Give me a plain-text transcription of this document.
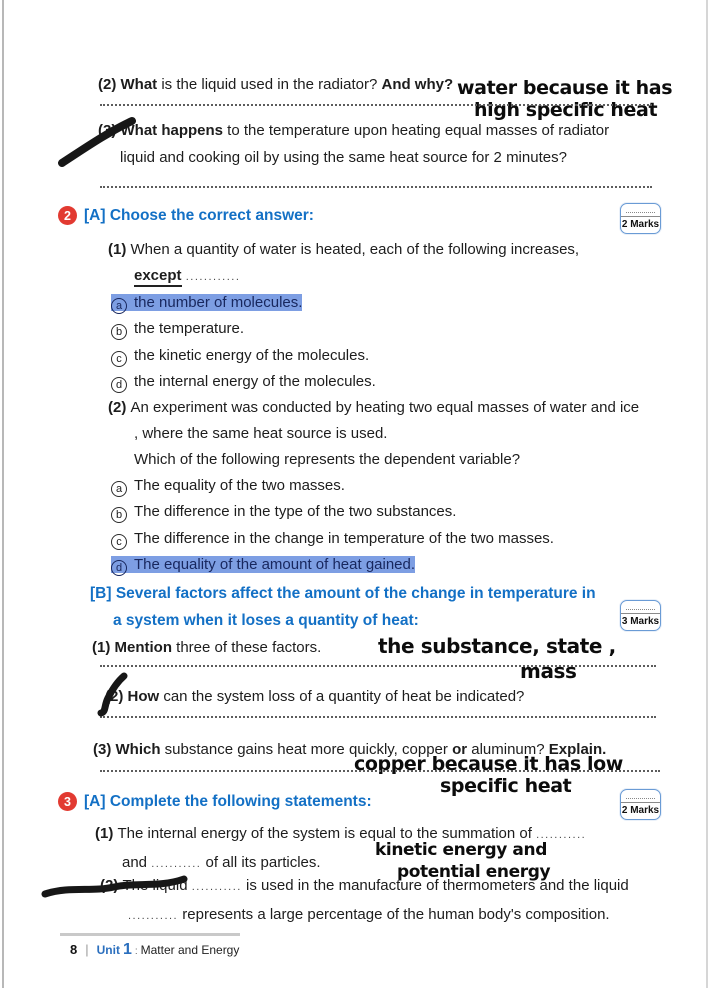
(2) What is the liquid used in the radiator? And why? water because it has
high specific heat
(3) What happens to the temperature upon heating equal masses of radiator
liquid and cooking oil by using the same heat source for 2 minutes?
2 [A] Choose the correct answer:
2 Marks
(1) When a quantity of water is heated, each of the following increases,
except ............
a the number of molecules.
b the temperature.
c the kinetic energy of the molecules.
d the internal energy of the molecules.
(2) An experiment was conducted by heating two equal masses of water and ice
, where the same heat source is used.
Which of the following represents the dependent variable?
a The equality of the two masses.
b The difference in the type of the two substances.
c The difference in the change in temperature of the two masses.
d The equality of the amount of heat gained.
[B] Several factors affect the amount of the change in temperature in
a system when it loses a quantity of heat:	3 Marks
(1) Mention three of these factors.	the substance, state ,
mass
(2) How can the system loss of a quantity of heat be indicated?
(3) Which substance gains heat more quickly, copper or aluminum? Explain.
copper because it has low
specific heat
3 [A] Complete the following statements:
2 Marks
(1) The internal energy of the system is equal to the summation of ...........
and ........... of all its particles.
kinetic energy and
potential energy
(2) The liquid ........... is used in the manufacture of thermometers and the liquid
........... represents a large percentage of the human body's composition.
8 | Unit 1 : Matter and Energy
